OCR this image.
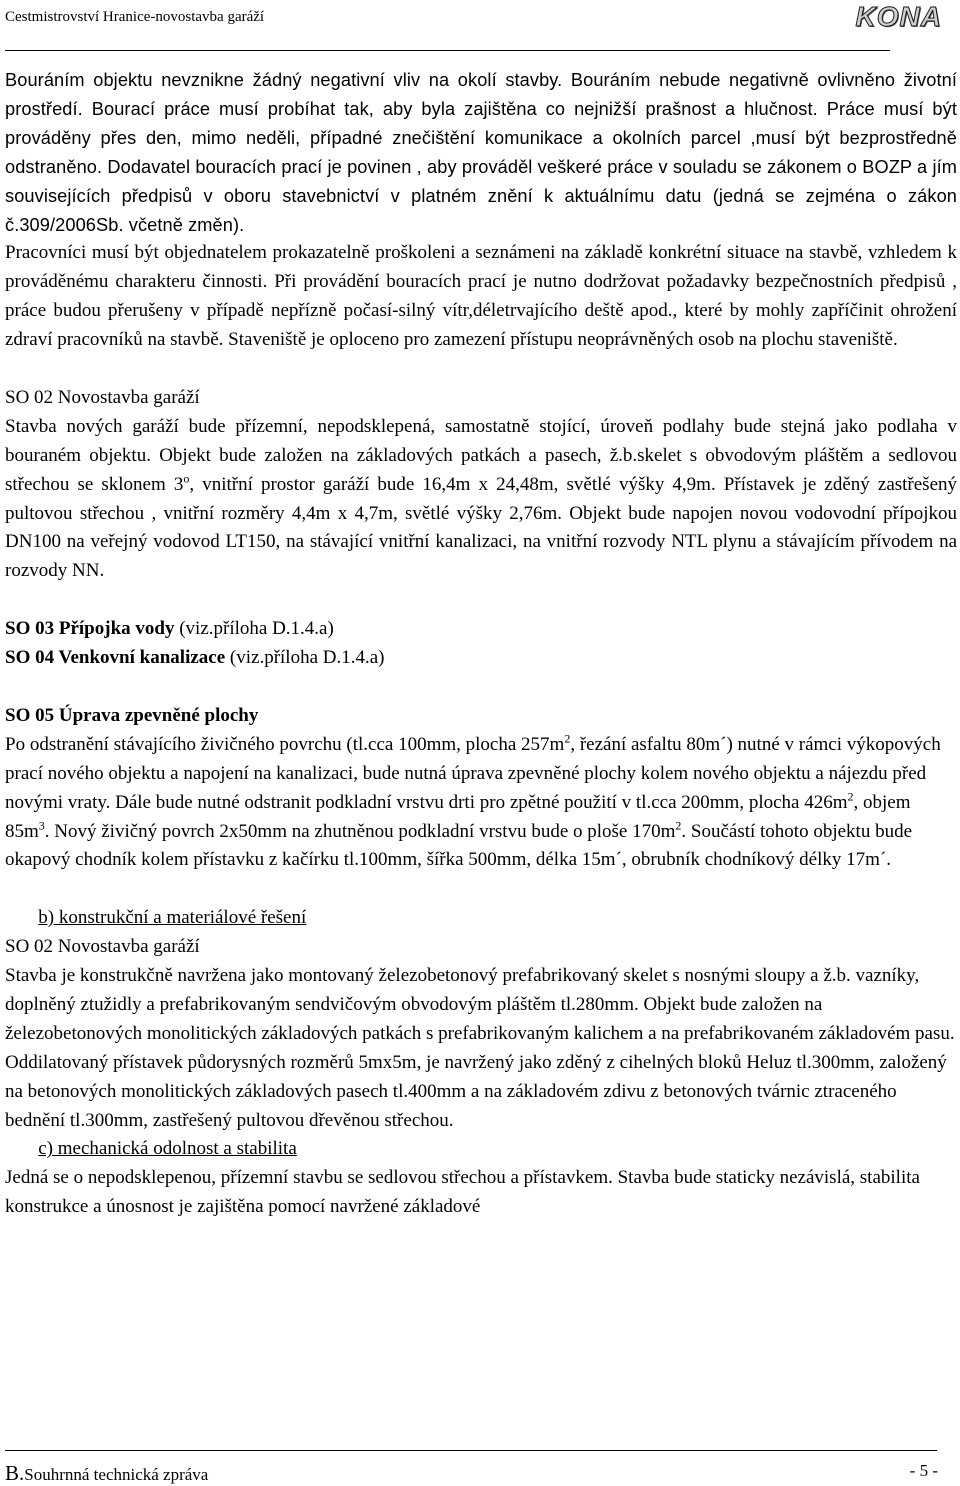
Cestmistrovství Hranice-novostavba garáží	KONA

Bouráním objektu nevznikne žádný negativní vliv na okolí stavby. Bouráním nebude negativně ovlivněno životní prostředí. Bourací práce musí probíhat tak, aby byla zajištěna co nejnižší prašnost a hlučnost. Práce musí být prováděny přes den, mimo neděli, případné znečištění komunikace a okolních parcel ,musí být bezprostředně odstraněno. Dodavatel bouracích prací je povinen , aby prováděl veškeré práce v souladu se zákonem o BOZP a jím souvisejících předpisů v oboru stavebnictví v platném znění k aktuálnímu datu (jedná se zejména o zákon č.309/2006Sb. včetně změn).

Pracovníci musí být objednatelem prokazatelně proškoleni a seznámeni na základě konkrétní situace na stavbě, vzhledem k prováděnému charakteru činnosti. Při provádění bouracích prací je nutno dodržovat požadavky bezpečnostních předpisů , práce budou přerušeny v případě nepřízně počasí-silný vítr,déletrvajícího deště apod., které by mohly zapříčinit ohrožení zdraví pracovníků na stavbě. Staveniště je oploceno pro zamezení přístupu neoprávněných osob na plochu staveniště.

SO 02 Novostavba garáží

Stavba nových garáží bude přízemní, nepodsklepená, samostatně stojící, úroveň podlahy bude stejná jako podlaha v bouraném objektu. Objekt bude založen na základových patkách a pasech, ž.b.skelet s obvodovým pláštěm a sedlovou střechou se sklonem 3$^o$, vnitřní prostor garáží bude 16,4m x 24,48m, světlé výšky 4,9m. Přístavek je zděný zastřešený pultovou střechou , vnitřní rozměry 4,4m x 4,7m, světlé výšky 2,76m. Objekt bude napojen novou vodovodní přípojkou DN100 na veřejný vodovod LT150, na stávající vnitřní kanalizaci, na vnitřní rozvody NTL plynu a stávajícím přívodem na rozvody NN.

SO 03 Přípojka vody (viz.příloha D.1.4.a)

SO 04 Venkovní kanalizace (viz.příloha D.1.4.a)

SO 05 Úprava zpevněné plochy

Po odstranění stávajícího živičného povrchu (tl.cca 100mm, plocha $257m^2$, řezání asfaltu 80m´) nutné v rámci výkopových prací nového objektu a napojení na kanalizaci, bude nutná úprava zpevněné plochy kolem nového objektu a nájezdu před novými vraty. Dále bude nutné odstranit podkladní vrstvu drti pro zpětné použití v tl.cca 200mm, plocha $426m^2$, objem $85m^3$. Nový živičný povrch 2x50mm na zhutněnou podkladní vrstvu bude o ploše $170m^2$. Součástí tohoto objektu bude okapový chodník kolem přístavku z kačírku tl.100mm, šířka 500mm, délka 15m´, obrubník chodníkový délky 17m´.

b) konstrukční a materiálové řešení

SO 02 Novostavba garáží

Stavba je konstrukčně navržena jako montovaný železobetonový prefabrikovaný skelet s nosnými sloupy a ž.b. vazníky, doplněný ztužidly a prefabrikovaným sendvičovým obvodovým pláštěm tl.280mm. Objekt bude založen na železobetonových monolitických základových patkách s prefabrikovaným kalichem a na prefabrikovaném základovém pasu. Oddilatovaný přístavek půdorysných rozměrů 5mx5m, je navržený jako zděný z cihelných bloků Heluz tl.300mm, založený na betonových monolitických základových pasech tl.400mm a na základovém zdivu z betonových tvárnic ztraceného bednění tl.300mm, zastřešený pultovou dřevěnou střechou.

c) mechanická odolnost a stabilita

Jedná se o nepodsklepenou, přízemní stavbu se sedlovou střechou a přístavkem. Stavba bude staticky nezávislá, stabilita konstrukce a únosnost je zajištěna pomocí navržené základové

B.Souhrnná technická zpráva	- 5 -
